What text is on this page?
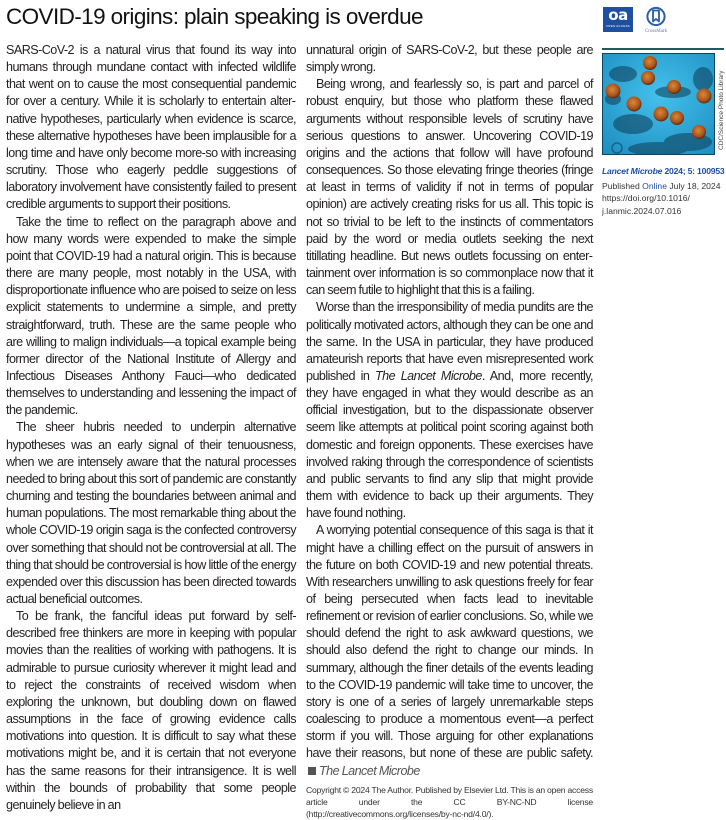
COVID-19 origins: plain speaking is overdue	oa
OPEN ACCESS
CrossMark
CDC/Science Photo Library
Lancet Microbe 2024; 5: 100953
Published Online July 18, 2024
https://doi.org/10.1016/
j.lanmic.2024.07.016

SARS-CoV-2 is a natural virus that found its way into humans through mundane contact with infected wildlife that went on to cause the most consequential pandemic for over a century. While it is scholarly to entertain alternative hypotheses, particularly when evidence is scarce, these alternative hypotheses have been implausible for a long time and have only become more-so with increasing scrutiny. Those who eagerly peddle suggestions of laboratory involvement have consistently failed to present credible arguments to support their positions.

Take the time to reflect on the paragraph above and how many words were expended to make the simple point that COVID-19 had a natural origin. This is because there are many people, most notably in the USA, with disproportionate influence who are poised to seize on less explicit statements to undermine a simple, and pretty straightforward, truth. These are the same people who are willing to malign individuals—a topical example being former director of the National Institute of Allergy and Infectious Diseases Anthony Fauci—who dedicated themselves to understanding and lessening the impact of the pandemic.

The sheer hubris needed to underpin alternative hypotheses was an early signal of their tenuousness, when we are intensely aware that the natural processes needed to bring about this sort of pandemic are constantly churning and testing the boundaries between animal and human populations. The most remarkable thing about the whole COVID-19 origin saga is the confected controversy over something that should not be controversial at all. The thing that should be controversial is how little of the energy expended over this discussion has been directed towards actual beneficial outcomes.

To be frank, the fanciful ideas put forward by self-described free thinkers are more in keeping with popular movies than the realities of working with pathogens. It is admirable to pursue curiosity wherever it might lead and to reject the constraints of received wisdom when exploring the unknown, but doubling down on flawed assumptions in the face of growing evidence calls motivations into question. It is difficult to say what these motivations might be, and it is certain that not everyone has the same reasons for their intransigence. It is well within the bounds of probability that some people genuinely believe in an

unnatural origin of SARS-CoV-2, but these people are simply wrong.

Being wrong, and fearlessly so, is part and parcel of robust enquiry, but those who platform these flawed arguments without responsible levels of scrutiny have serious questions to answer. Uncovering COVID-19 origins and the actions that follow will have profound consequences. So those elevating fringe theories (fringe at least in terms of validity if not in terms of popular opinion) are actively creating risks for us all. This topic is not so trivial to be left to the instincts of commentators paid by the word or media outlets seeking the next titillating headline. But news outlets focussing on entertainment over information is so commonplace now that it can seem futile to highlight that this is a failing.

Worse than the irresponsibility of media pundits are the politically motivated actors, although they can be one and the same. In the USA in particular, they have produced amateurish reports that have even misrepresented work published in The Lancet Microbe. And, more recently, they have engaged in what they would describe as an official investigation, but to the dispassionate observer seem like attempts at political point scoring against both domestic and foreign opponents. These exercises have involved raking through the correspondence of scientists and public servants to find any slip that might provide them with evidence to back up their arguments. They have found nothing.

A worrying potential consequence of this saga is that it might have a chilling effect on the pursuit of answers in the future on both COVID-19 and new potential threats. With researchers unwilling to ask questions freely for fear of being persecuted when facts lead to inevitable refinement or revision of earlier conclusions. So, while we should defend the right to ask awkward questions, we should also defend the right to change our minds. In summary, although the finer details of the events leading to the COVID-19 pandemic will take time to uncover, the story is one of a series of largely unremarkable steps coalescing to produce a momentous event—a perfect storm if you will. Those arguing for other explanations have their reasons, but none of these are public safety. The Lancet Microbe

Copyright © 2024 The Author. Published by Elsevier Ltd. This is an open access article under the CC BY-NC-ND license (http://creativecommons.org/licenses/by-nc-nd/4.0/).
